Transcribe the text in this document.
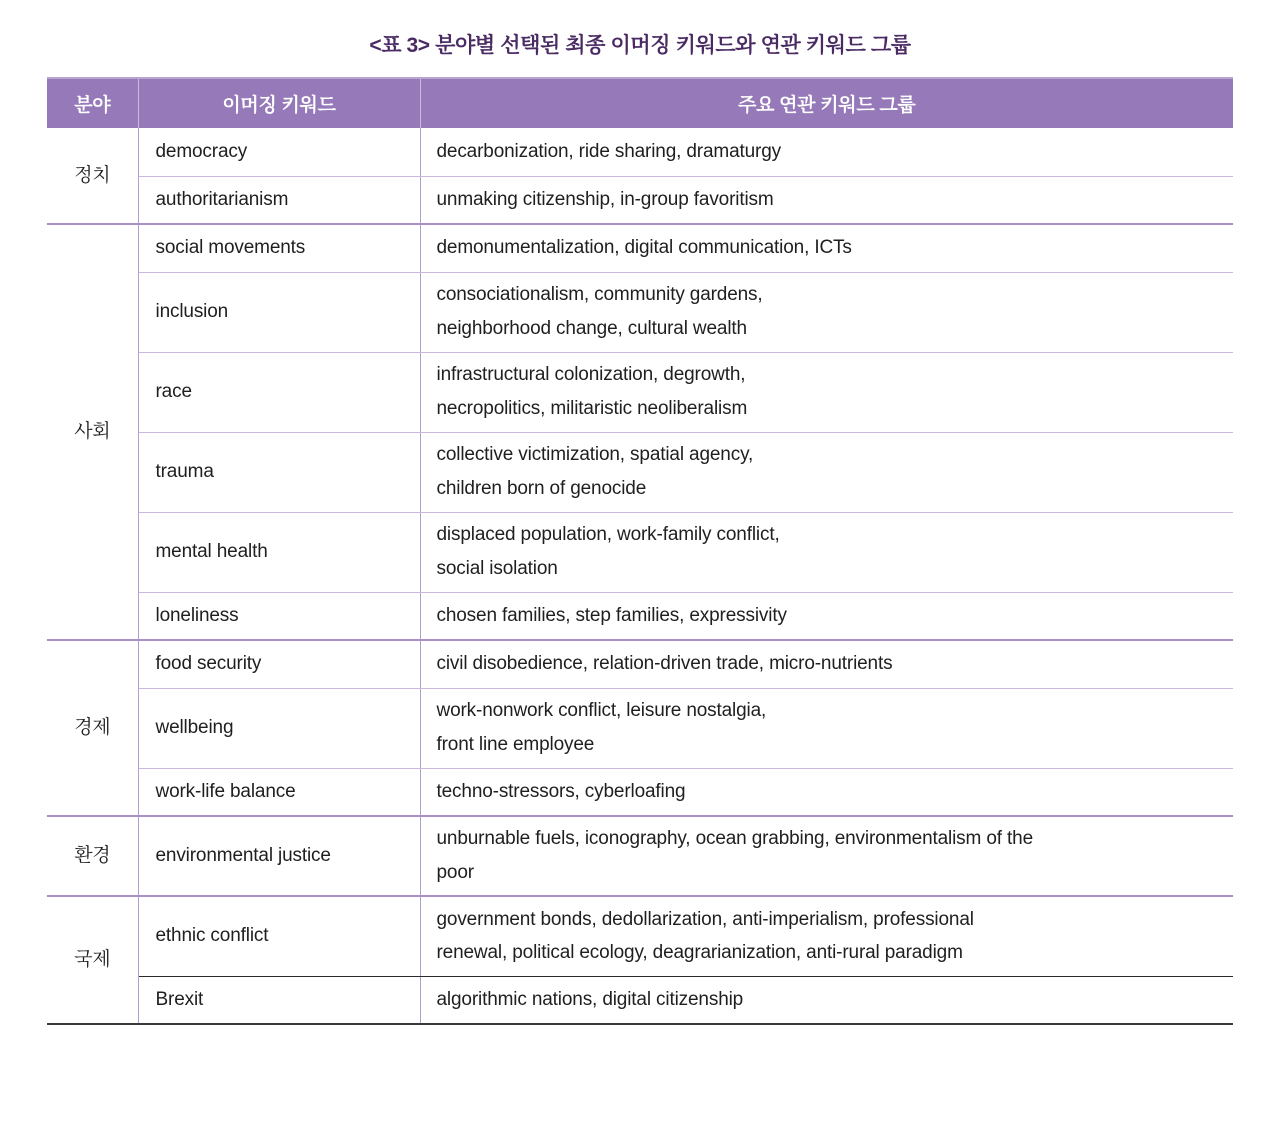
<표 3> 분야별 선택된 최종 이머징 키워드와 연관 키워드 그룹
분야	이머징 키워드	주요 연관 키워드 그룹
정치	democracy	decarbonization, ride sharing, dramaturgy

	authoritarianism	unmaking citizenship, in-group favoritism

사회	social movements	demonumentalization, digital communication, ICTs

	inclusion	consociationalism, community gardens,
neighborhood change, cultural wealth

	race	infrastructural colonization, degrowth,
necropolitics, militaristic neoliberalism

	trauma	collective victimization, spatial agency,
children born of genocide

	mental health	displaced population, work-family conflict,
social isolation

	loneliness	chosen families, step families, expressivity

경제	food security	civil disobedience, relation-driven trade, micro-nutrients

	wellbeing	work-nonwork conflict, leisure nostalgia,
front line employee

	work-life balance	techno-stressors, cyberloafing

환경	environmental justice	unburnable fuels, iconography, ocean grabbing, environmentalism of the
poor

국제	ethnic conflict	government bonds, dedollarization, anti-imperialism, professional
renewal, political ecology, deagrarianization, anti-rural paradigm

	Brexit	algorithmic nations, digital citizenship
